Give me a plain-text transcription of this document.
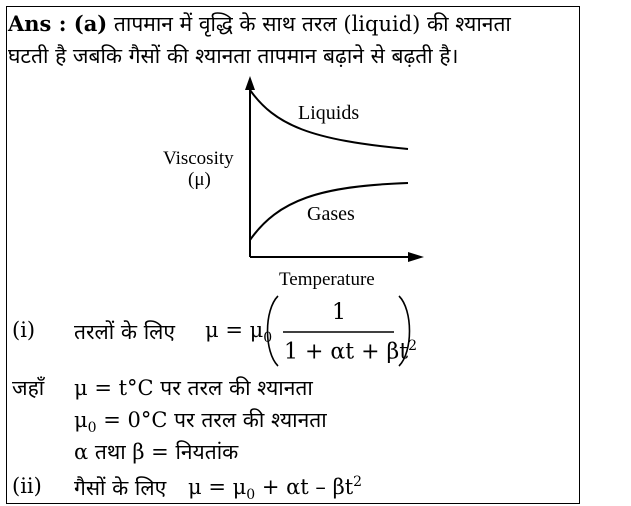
Ans : (a) तापमान में वृद्धि के साथ तरल (liquid) की श्यानता
घटती है जबकि गैसों की श्यानता तापमान बढ़ाने से बढ़ती है।
Liquids
Gases
Viscosity
(μ)
Temperature
(i) तरलों के लिए $\mu = \mu_0$
1
$1 + \alpha t + \beta t^2$
जहाँ μ = t°C पर तरल की श्यानता
$\mu_0 = 0^\circ C$ पर तरल की श्यानता
α तथा β = नियतांक
(ii) गैसों के लिए $\mu = \mu_0 + \alpha t - \beta t^2$
